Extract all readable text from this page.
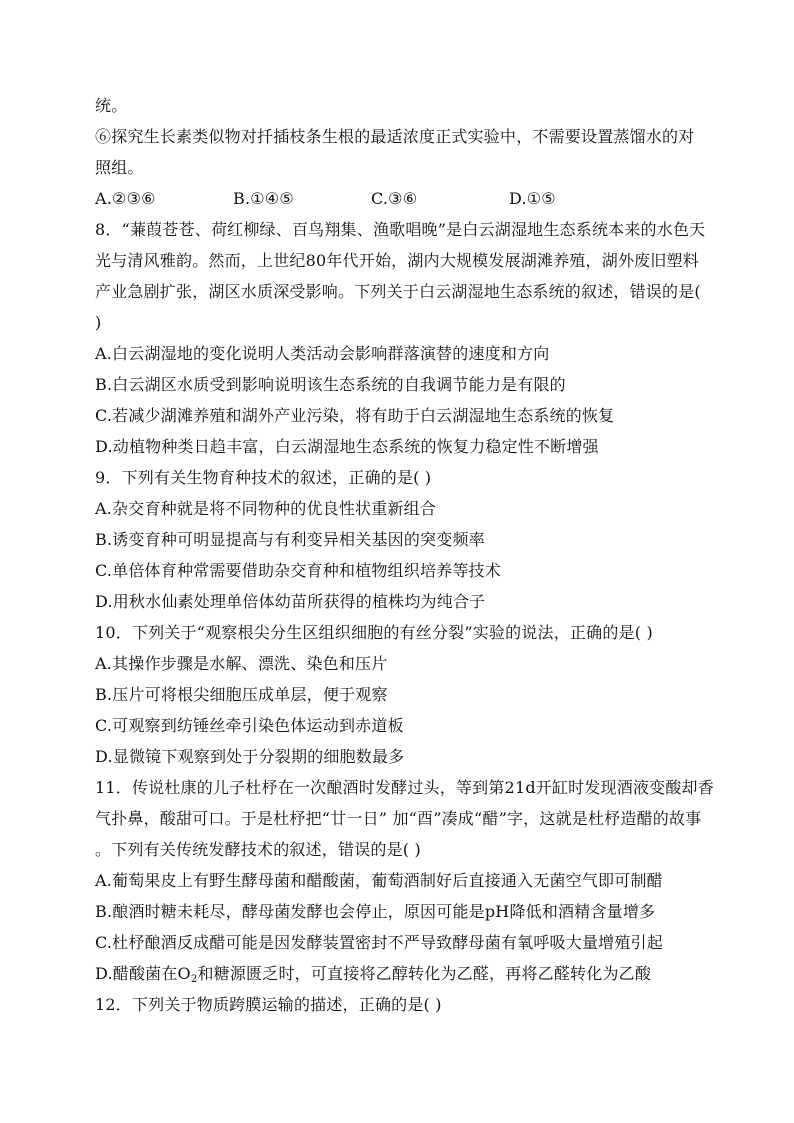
统。
⑥探究生长素类似物对扦插枝条生根的最适浓度正式实验中，不需要设置蒸馏水的对
照组。
A.②③⑥	B.①④⑤	C.③⑥	D.①⑤
8．“蒹葭苍苍、荷红柳绿、百鸟翔集、渔歌唱晚”是白云湖湿地生态系统本来的水色天
光与清风雅韵。然而，上世纪80年代开始，湖内大规模发展湖滩养殖，湖外废旧塑料
产业急剧扩张，湖区水质深受影响。下列关于白云湖湿地生态系统的叙述，错误的是(
)
A.白云湖湿地的变化说明人类活动会影响群落演替的速度和方向
B.白云湖区水质受到影响说明该生态系统的自我调节能力是有限的
C.若减少湖滩养殖和湖外产业污染，将有助于白云湖湿地生态系统的恢复
D.动植物种类日趋丰富，白云湖湿地生态系统的恢复力稳定性不断增强
9．下列有关生物育种技术的叙述，正确的是( )
A.杂交育种就是将不同物种的优良性状重新组合
B.诱变育种可明显提高与有利变异相关基因的突变频率
C.单倍体育种常需要借助杂交育种和植物组织培养等技术
D.用秋水仙素处理单倍体幼苗所获得的植株均为纯合子
10．下列关于“观察根尖分生区组织细胞的有丝分裂”实验的说法，正确的是( )
A.其操作步骤是水解、漂洗、染色和压片
B.压片可将根尖细胞压成单层，便于观察
C.可观察到纺锤丝牵引染色体运动到赤道板
D.显微镜下观察到处于分裂期的细胞数最多
11．传说杜康的儿子杜杼在一次酿酒时发酵过头，等到第21d开缸时发现酒液变酸却香
气扑鼻，酸甜可口。于是杜杼把“廿一日” 加“酉”凑成“醋”字，这就是杜杼造醋的故事
。下列有关传统发酵技术的叙述，错误的是( )
A.葡萄果皮上有野生酵母菌和醋酸菌，葡萄酒制好后直接通入无菌空气即可制醋
B.酿酒时糖未耗尽，酵母菌发酵也会停止，原因可能是pH降低和酒精含量增多
C.杜杼酿酒反成醋可能是因发酵装置密封不严导致酵母菌有氧呼吸大量增殖引起
D.醋酸菌在$O_2$和糖源匮乏时，可直接将乙醇转化为乙醛，再将乙醛转化为乙酸
12．下列关于物质跨膜运输的描述，正确的是( )
